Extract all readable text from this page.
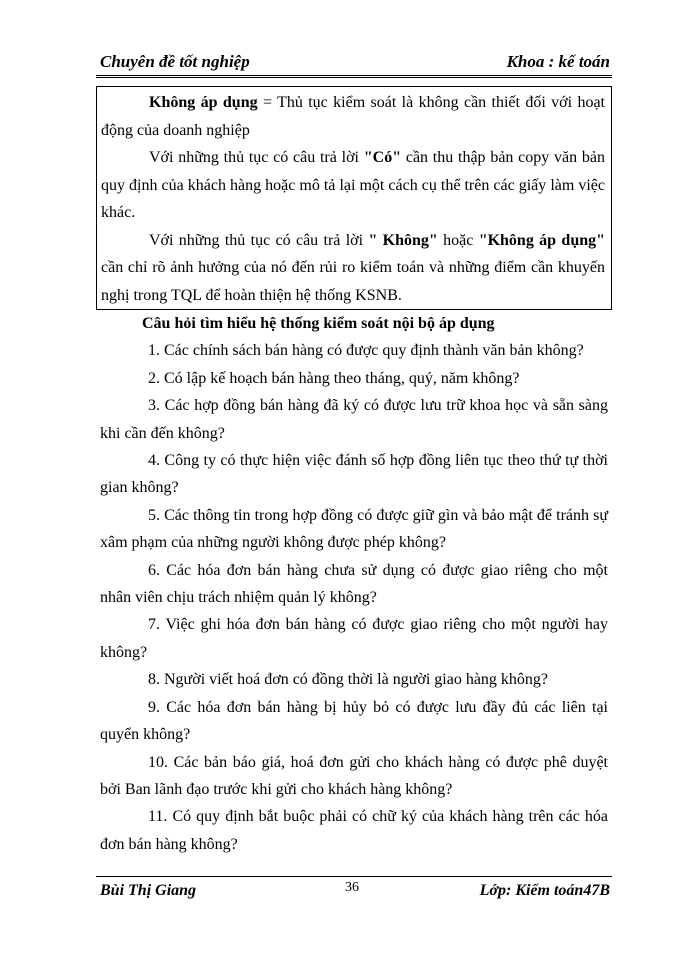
Chuyên đề tốt nghiệp	Khoa : kế toán

Không áp dụng = Thủ tục kiểm soát là không cần thiết đối với hoạt động của doanh nghiệp

Với những thủ tục có câu trả lời "Có" cần thu thập bản copy văn bản quy định của khách hàng hoặc mô tả lại một cách cụ thể trên các giấy làm việc khác.

Với những thủ tục có câu trả lời " Không" hoặc "Không áp dụng" cần chỉ rõ ảnh hưởng của nó đến rủi ro kiểm toán và những điểm cần khuyến nghị trong TQL để hoàn thiện hệ thống KSNB.

Câu hỏi tìm hiểu hệ thống kiểm soát nội bộ áp dụng

1. Các chính sách bán hàng có được quy định thành văn bản không?

2. Có lập kế hoạch bán hàng theo tháng, quý, năm không?

3. Các hợp đồng bán hàng đã ký có được lưu trữ khoa học và sẵn sàng khi cần đến không?

4. Công ty có thực hiện việc đánh số hợp đồng liên tục theo thứ tự thời gian không?

5. Các thông tin trong hợp đồng có được giữ gìn và bảo mật để tránh sự xâm phạm của những người không được phép không?

6. Các hóa đơn bán hàng chưa sử dụng có được giao riêng cho một nhân viên chịu trách nhiệm quản lý không?

7. Việc ghi hóa đơn bán hàng có được giao riêng cho một người hay không?

8. Người viết hoá đơn có đồng thời là người giao hàng không?

9. Các hóa đơn bán hàng bị hủy bỏ có được lưu đầy đủ các liên tại quyển không?

10. Các bản báo giá, hoá đơn gửi cho khách hàng có được phê duyệt bởi Ban lãnh đạo trước khi gửi cho khách hàng không?

11. Có quy định bắt buộc phải có chữ ký của khách hàng trên các hóa đơn bán hàng không?

Bùi Thị Giang	36	Lớp: Kiểm toán47B
